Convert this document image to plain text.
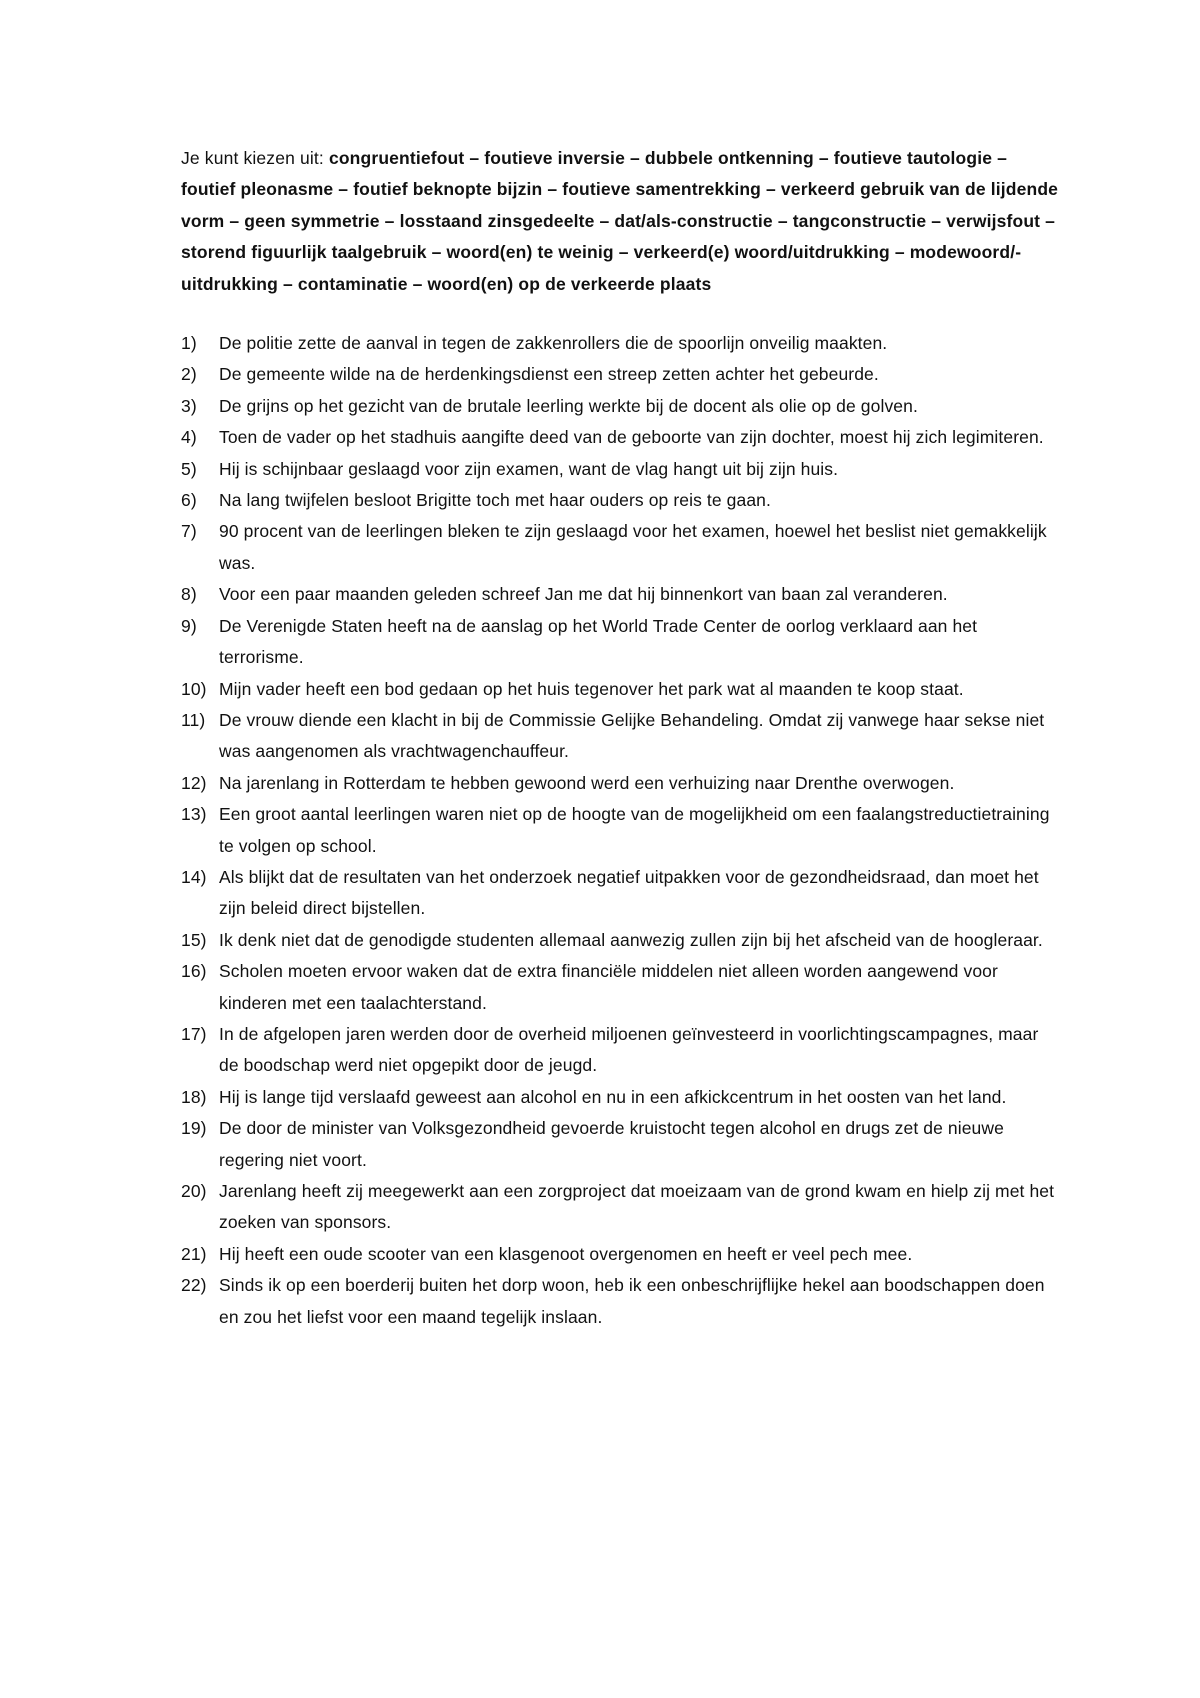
Je kunt kiezen uit: congruentiefout – foutieve inversie – dubbele ontkenning – foutieve tautologie – foutief pleonasme – foutief beknopte bijzin – foutieve samentrekking – verkeerd gebruik van de lijdende vorm – geen symmetrie – losstaand zinsgedeelte – dat/als-constructie – tangconstructie – verwijsfout – storend figuurlijk taalgebruik – woord(en) te weinig – verkeerd(e) woord/uitdrukking – modewoord/-uitdrukking – contaminatie – woord(en) op de verkeerde plaats

1)	De politie zette de aanval in tegen de zakkenrollers die de spoorlijn onveilig maakten.
2)	De gemeente wilde na de herdenkingsdienst een streep zetten achter het gebeurde.
3)	De grijns op het gezicht van de brutale leerling werkte bij de docent als olie op de golven.
4)	Toen de vader op het stadhuis aangifte deed van de geboorte van zijn dochter, moest hij zich legimiteren.
5)	Hij is schijnbaar geslaagd voor zijn examen, want de vlag hangt uit bij zijn huis.
6)	Na lang twijfelen besloot Brigitte toch met haar ouders op reis te gaan.
7)	90 procent van de leerlingen bleken te zijn geslaagd voor het examen, hoewel het beslist niet gemakkelijk was.
8)	Voor een paar maanden geleden schreef Jan me dat hij binnenkort van baan zal veranderen.
9)	De Verenigde Staten heeft na de aanslag op het World Trade Center de oorlog verklaard aan het terrorisme.
10) Mijn vader heeft een bod gedaan op het huis tegenover het park wat al maanden te koop staat.
11) De vrouw diende een klacht in bij de Commissie Gelijke Behandeling. Omdat zij vanwege haar sekse niet was aangenomen als vrachtwagenchauffeur.
12) Na jarenlang in Rotterdam te hebben gewoond werd een verhuizing naar Drenthe overwogen.
13) Een groot aantal leerlingen waren niet op de hoogte van de mogelijkheid om een faalangstreductietraining te volgen op school.
14) Als blijkt dat de resultaten van het onderzoek negatief uitpakken voor de gezondheidsraad, dan moet het zijn beleid direct bijstellen.
15) Ik denk niet dat de genodigde studenten allemaal aanwezig zullen zijn bij het afscheid van de hoogleraar.
16) Scholen moeten ervoor waken dat de extra financiële middelen niet alleen worden aangewend voor kinderen met een taalachterstand.
17) In de afgelopen jaren werden door de overheid miljoenen geïnvesteerd in voorlichtingscampagnes, maar de boodschap werd niet opgepikt door de jeugd.
18) Hij is lange tijd verslaafd geweest aan alcohol en nu in een afkickcentrum in het oosten van het land.
19) De door de minister van Volksgezondheid gevoerde kruistocht tegen alcohol en drugs zet de nieuwe regering niet voort.
20) Jarenlang heeft zij meegewerkt aan een zorgproject dat moeizaam van de grond kwam en hielp zij met het zoeken van sponsors.
21) Hij heeft een oude scooter van een klasgenoot overgenomen en heeft er veel pech mee.
22) Sinds ik op een boerderij buiten het dorp woon, heb ik een onbeschrijflijke hekel aan boodschappen doen en zou het liefst voor een maand tegelijk inslaan.
